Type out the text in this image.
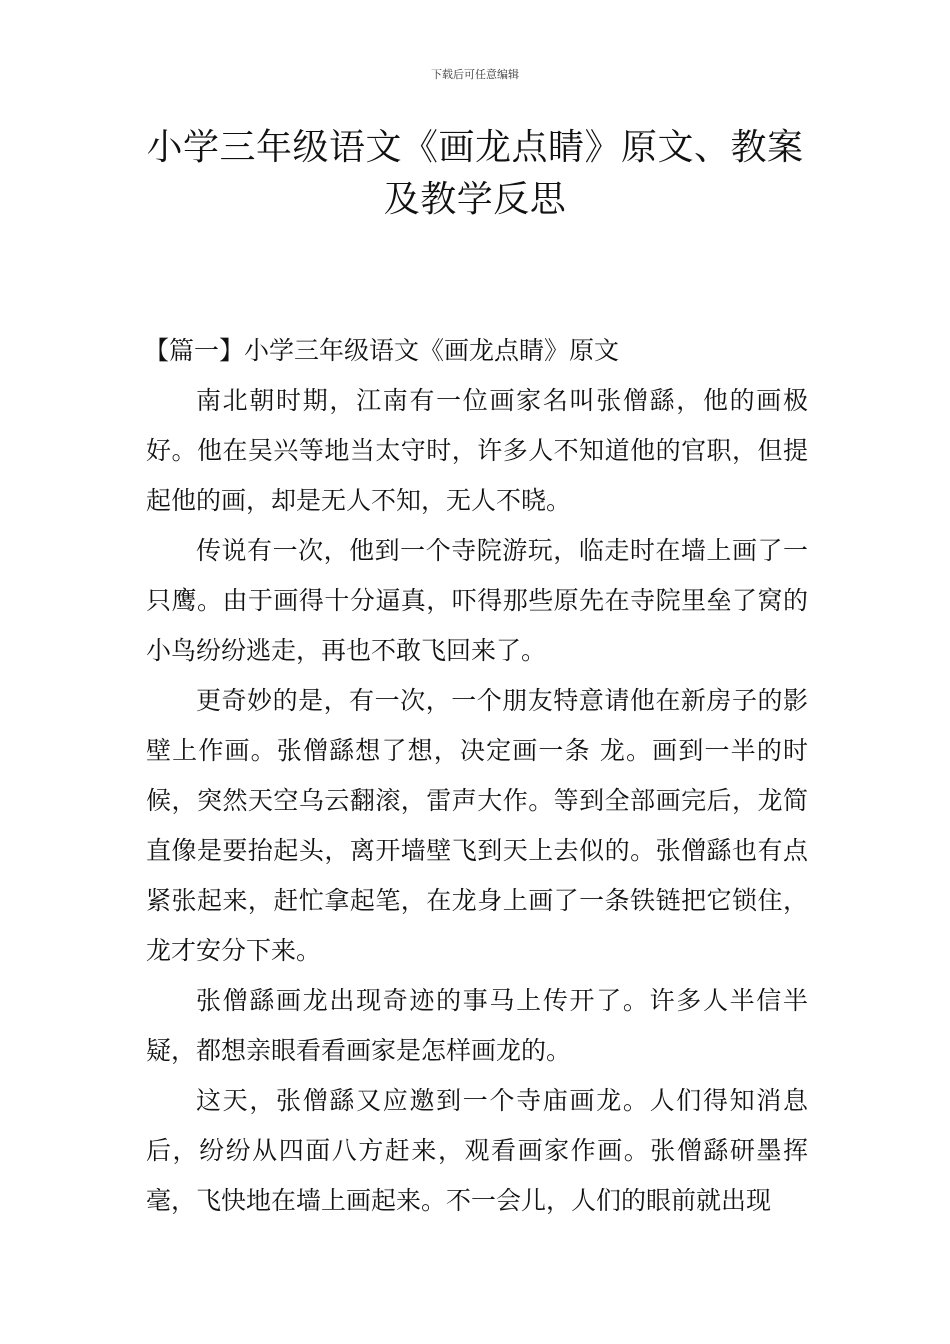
下载后可任意编辑
小学三年级语文《画龙点睛》原文、教案
及教学反思
【篇一】小学三年级语文《画龙点睛》原文

南北朝时期，江南有一位画家名叫张僧繇，他的画极好。他在吴兴等地当太守时，许多人不知道他的官职，但提起他的画，却是无人不知，无人不晓。

传说有一次，他到一个寺院游玩，临走时在墙上画了一只鹰。由于画得十分逼真，吓得那些原先在寺院里垒了窝的小鸟纷纷逃走，再也不敢飞回来了。

更奇妙的是，有一次，一个朋友特意请他在新房子的影壁上作画。张僧繇想了想，决定画一条 龙。画到一半的时候，突然天空乌云翻滚，雷声大作。等到全部画完后，龙简直像是要抬起头，离开墙壁飞到天上去似的。张僧繇也有点紧张起来，赶忙拿起笔，在龙身上画了一条铁链把它锁住，龙才安分下来。

张僧繇画龙出现奇迹的事马上传开了。许多人半信半疑，都想亲眼看看画家是怎样画龙的。

这天，张僧繇又应邀到一个寺庙画龙。人们得知消息后，纷纷从四面八方赶来，观看画家作画。张僧繇研墨挥毫，飞快地在墙上画起来。不一会儿，人们的眼前就出现
